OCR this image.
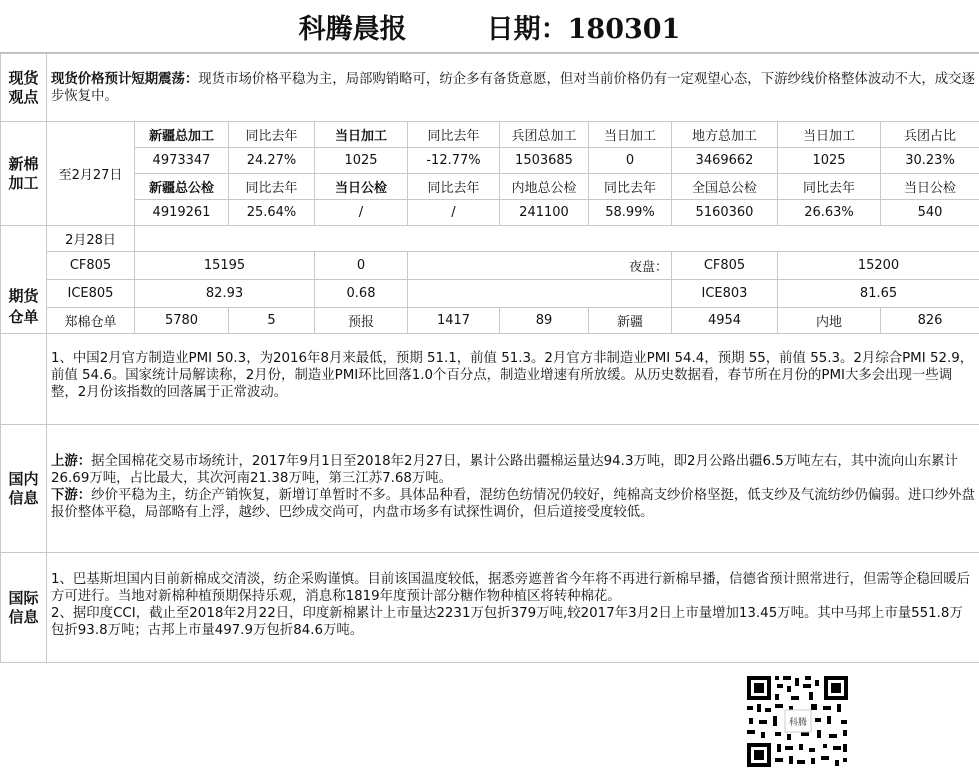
科腾晨报	日期：180301
现货观点	现货价格预计短期震荡：现货市场价格平稳为主，局部购销略可，纺企多有备货意愿，但对当前价格仍有一定观望心态，下游纱线价格整体波动不大，成交逐步恢复中。										
新棉加工	至2月27日	新疆总加工	同比去年	当日加工	同比去年	兵团总加工	当日加工	地方总加工	当日加工	兵团占比	
		4973347	24.27%	1025	-12.77%	1503685	0	3469662	1025	30.23%	
		新疆总公检	同比去年	当日公检	同比去年	内地总公检	同比去年	全国总公检	同比去年	当日公检	
		4919261	25.64%	/	/	241100	58.99%	5160360	26.63%	540	
期货	2月28日										
	CF805	15195		0			夜盘：	CF805	15200	
	ICE805	82.93		0.68				ICE803	81.65	
仓单	郑棉仓单	5780	5	预报	1417	89	新疆	4954	内地	826	
	1、中国2月官方制造业PMI 50.3，为2016年8月来最低，预期 51.1，前值 51.3。2月官方非制造业PMI 54.4，预期 55，前值 55.3。2月综合PMI 52.9，前值 54.6。国家统计局解读称，2月份，制造业PMI环比回落1.0个百分点，制造业增速有所放缓。从历史数据看，春节所在月份的PMI大多会出现一些调整，2月份该指数的回落属于正常波动。										
国内信息	上游：据全国棉花交易市场统计，2017年9月1日至2018年2月27日，累计公路出疆棉运量达94.3万吨，即2月公路出疆6.5万吨左右，其中流向山东累计26.69万吨，占比最大，其次河南21.38万吨，第三江苏7.68万吨。

下游：纱价平稳为主，纺企产销恢复，新增订单暂时不多。具体品种看，混纺色纺情况仍较好，纯棉高支纱价格坚挺，低支纱及气流纺纱仍偏弱。进口纱外盘报价整体平稳，局部略有上浮，越纱、巴纱成交尚可，内盘市场多有试探性调价，但后道接受度较低。										

国际信息	1、巴基斯坦国内目前新棉成交清淡，纺企采购谨慎。目前该国温度较低，据悉旁遮普省今年将不再进行新棉早播，信德省预计照常进行，但需等企稳回暖后方可进行。当地对新棉种植预期保持乐观，消息称1819年度预计部分糖作物种植区将转种棉花。

2、据印度CCI，截止至2018年2月22日，印度新棉累计上市量达2231万包折379万吨,较2017年3月2日上市量增加13.45万吨。其中马邦上市量551.8万包折93.8万吨；古邦上市量497.9万包折84.6万吨。										

科腾
